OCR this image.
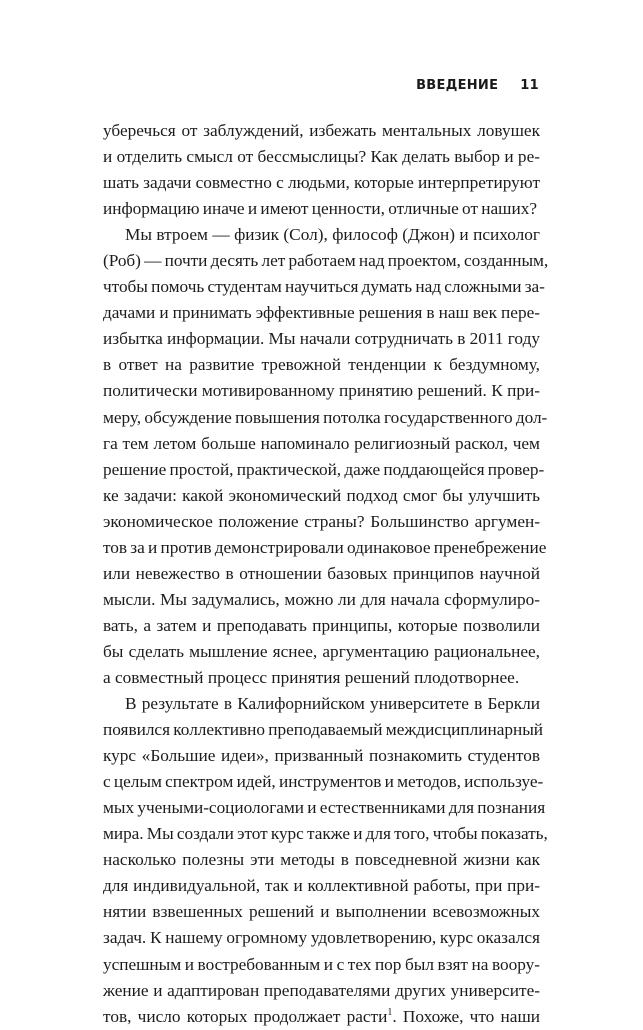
ВВЕДЕНИЕ 11

уберечься от заблуждений, избежать ментальных ловушек
и отделить смысл от бессмыслицы? Как делать выбор и ре-
шать задачи совместно с людьми, которые интерпретируют
информацию иначе и имеют ценности, отличные от наших?

Мы втроем — физик (Сол), философ (Джон) и психолог
(Роб) — почти десять лет работаем над проектом, созданным,
чтобы помочь студентам научиться думать над сложными за-
дачами и принимать эффективные решения в наш век пере-
избытка информации. Мы начали сотрудничать в 2011 году
в ответ на развитие тревожной тенденции к бездумному,
политически мотивированному принятию решений. К при-
меру, обсуждение повышения потолка государственного дол-
га тем летом больше напоминало религиозный раскол, чем
решение простой, практической, даже поддающейся провер-
ке задачи: какой экономический подход смог бы улучшить
экономическое положение страны? Большинство аргумен-
тов за и против демонстрировали одинаковое пренебрежение
или невежество в отношении базовых принципов научной
мысли. Мы задумались, можно ли для начала сформулиро-
вать, а затем и преподавать принципы, которые позволили
бы сделать мышление яснее, аргументацию рациональнее,
а совместный процесс принятия решений плодотворнее.

В результате в Калифорнийском университете в Беркли
появился коллективно преподаваемый междисциплинарный
курс «Большие идеи», призванный познакомить студентов
с целым спектром идей, инструментов и методов, используе-
мых учеными-социологами и естественниками для познания
мира. Мы создали этот курс также и для того, чтобы показать,
насколько полезны эти методы в повседневной жизни как
для индивидуальной, так и коллективной работы, при при-
нятии взвешенных решений и выполнении всевозможных
задач. К нашему огромному удовлетворению, курс оказался
успешным и востребованным и с тех пор был взят на воору-
жение и адаптирован преподавателями других университе-
тов, число которых продолжает расти$^1$. Похоже, что наши
